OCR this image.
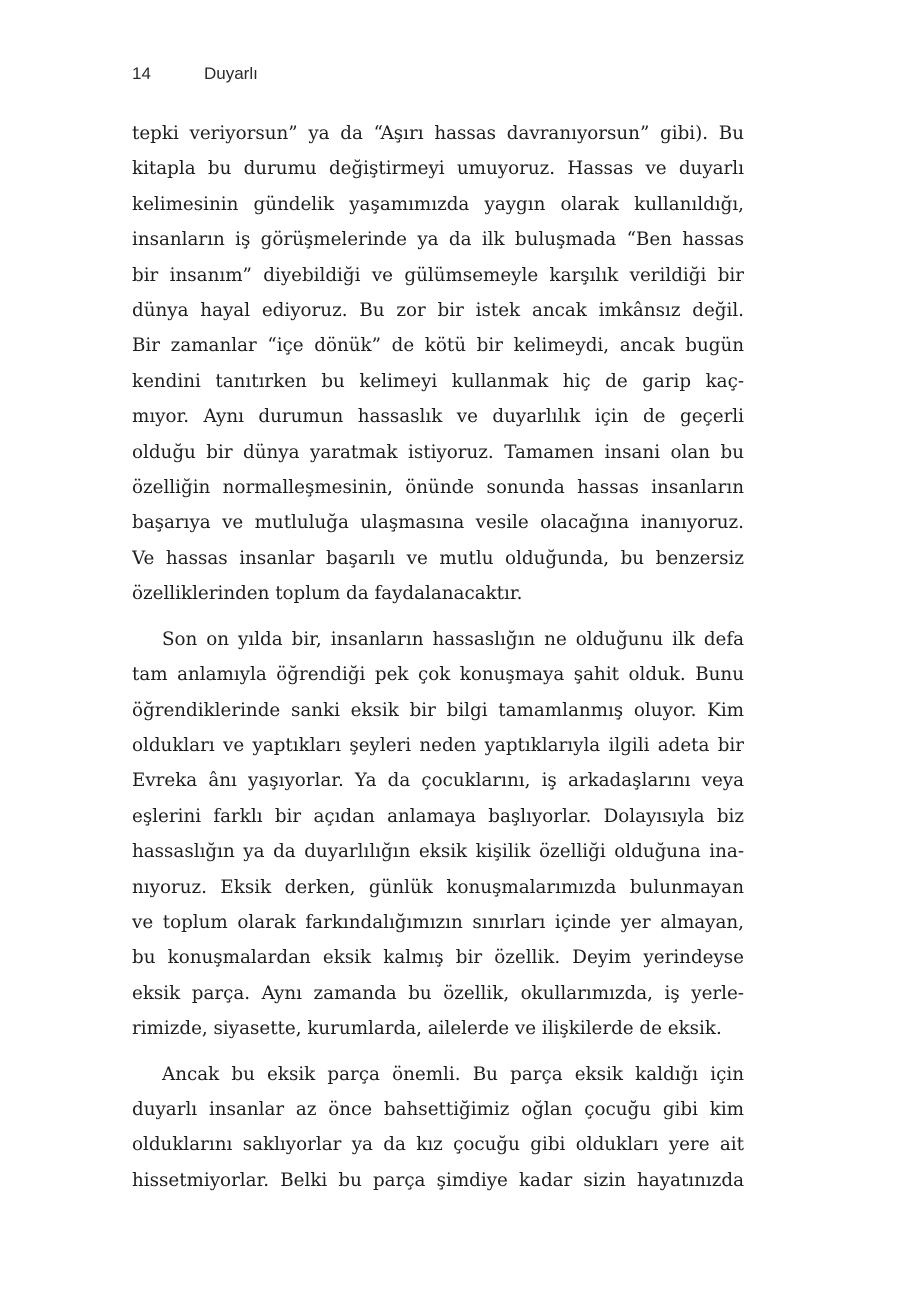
14	Duyarlı

tepki veriyorsun” ya da “Aşırı hassas davranıyorsun” gibi). Bu

kitapla bu durumu değiştirmeyi umuyoruz. Hassas ve duyarlı

kelimesinin gündelik yaşamımızda yaygın olarak kullanıldığı,

insanların iş görüşmelerinde ya da ilk buluşmada “Ben hassas

bir insanım” diyebildiği ve gülümsemeyle karşılık verildiği bir

dünya hayal ediyoruz. Bu zor bir istek ancak imkânsız değil.

Bir zamanlar “içe dönük” de kötü bir kelimeydi, ancak bugün

kendini tanıtırken bu kelimeyi kullanmak hiç de garip kaç-

mıyor. Aynı durumun hassaslık ve duyarlılık için de geçerli

olduğu bir dünya yaratmak istiyoruz. Tamamen insani olan bu

özelliğin normalleşmesinin, önünde sonunda hassas insanların

başarıya ve mutluluğa ulaşmasına vesile olacağına inanıyoruz.

Ve hassas insanlar başarılı ve mutlu olduğunda, bu benzersiz

özelliklerinden toplum da faydalanacaktır.

Son on yılda bir, insanların hassaslığın ne olduğunu ilk defa

tam anlamıyla öğrendiği pek çok konuşmaya şahit olduk. Bunu

öğrendiklerinde sanki eksik bir bilgi tamamlanmış oluyor. Kim

oldukları ve yaptıkları şeyleri neden yaptıklarıyla ilgili adeta bir

Evreka ânı yaşıyorlar. Ya da çocuklarını, iş arkadaşlarını veya

eşlerini farklı bir açıdan anlamaya başlıyorlar. Dolayısıyla biz

hassaslığın ya da duyarlılığın eksik kişilik özelliği olduğuna ina-

nıyoruz. Eksik derken, günlük konuşmalarımızda bulunmayan

ve toplum olarak farkındalığımızın sınırları içinde yer almayan,

bu konuşmalardan eksik kalmış bir özellik. Deyim yerindeyse

eksik parça. Aynı zamanda bu özellik, okullarımızda, iş yerle-

rimizde, siyasette, kurumlarda, ailelerde ve ilişkilerde de eksik.

Ancak bu eksik parça önemli. Bu parça eksik kaldığı için

duyarlı insanlar az önce bahsettiğimiz oğlan çocuğu gibi kim

olduklarını saklıyorlar ya da kız çocuğu gibi oldukları yere ait

hissetmiyorlar. Belki bu parça şimdiye kadar sizin hayatınızda
